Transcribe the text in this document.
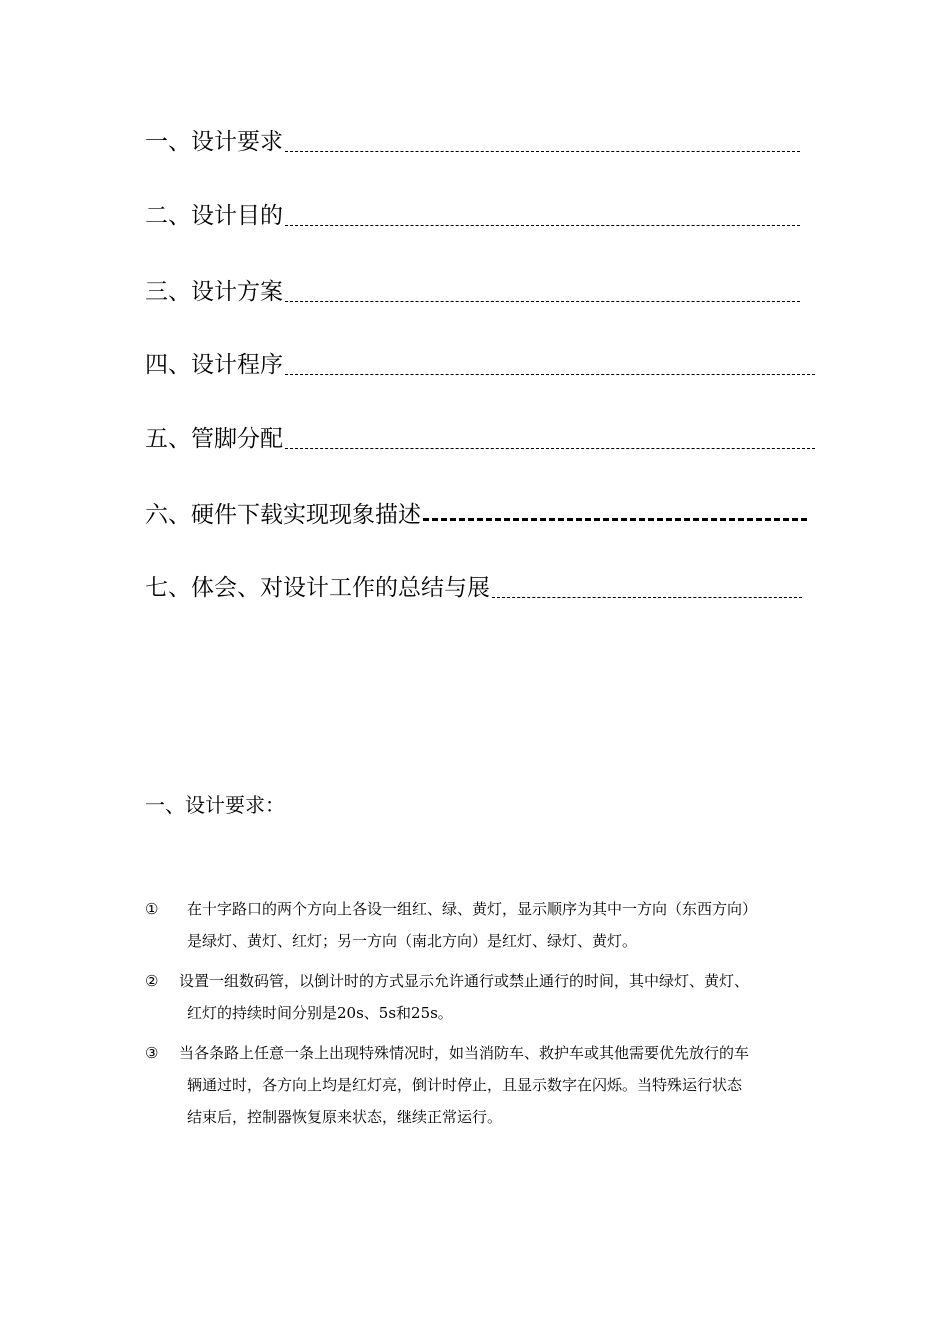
一、设计要求
二、设计目的
三、设计方案
四、设计程序
五、管脚分配
六、硬件下载实现现象描述
七、体会、对设计工作的总结与展
一、设计要求：
①	在十字路口的两个方向上各设一组红、绿、黄灯，显示顺序为其中一方向（东西方向）
是绿灯、黄灯、红灯；另一方向（南北方向）是红灯、绿灯、黄灯。
②	设置一组数码管，以倒计时的方式显示允许通行或禁止通行的时间，其中绿灯、黄灯、
红灯的持续时间分别是20s、5s和25s。
③	当各条路上任意一条上出现特殊情况时，如当消防车、救护车或其他需要优先放行的车
辆通过时，各方向上均是红灯亮，倒计时停止，且显示数字在闪烁。当特殊运行状态
结束后，控制器恢复原来状态，继续正常运行。
